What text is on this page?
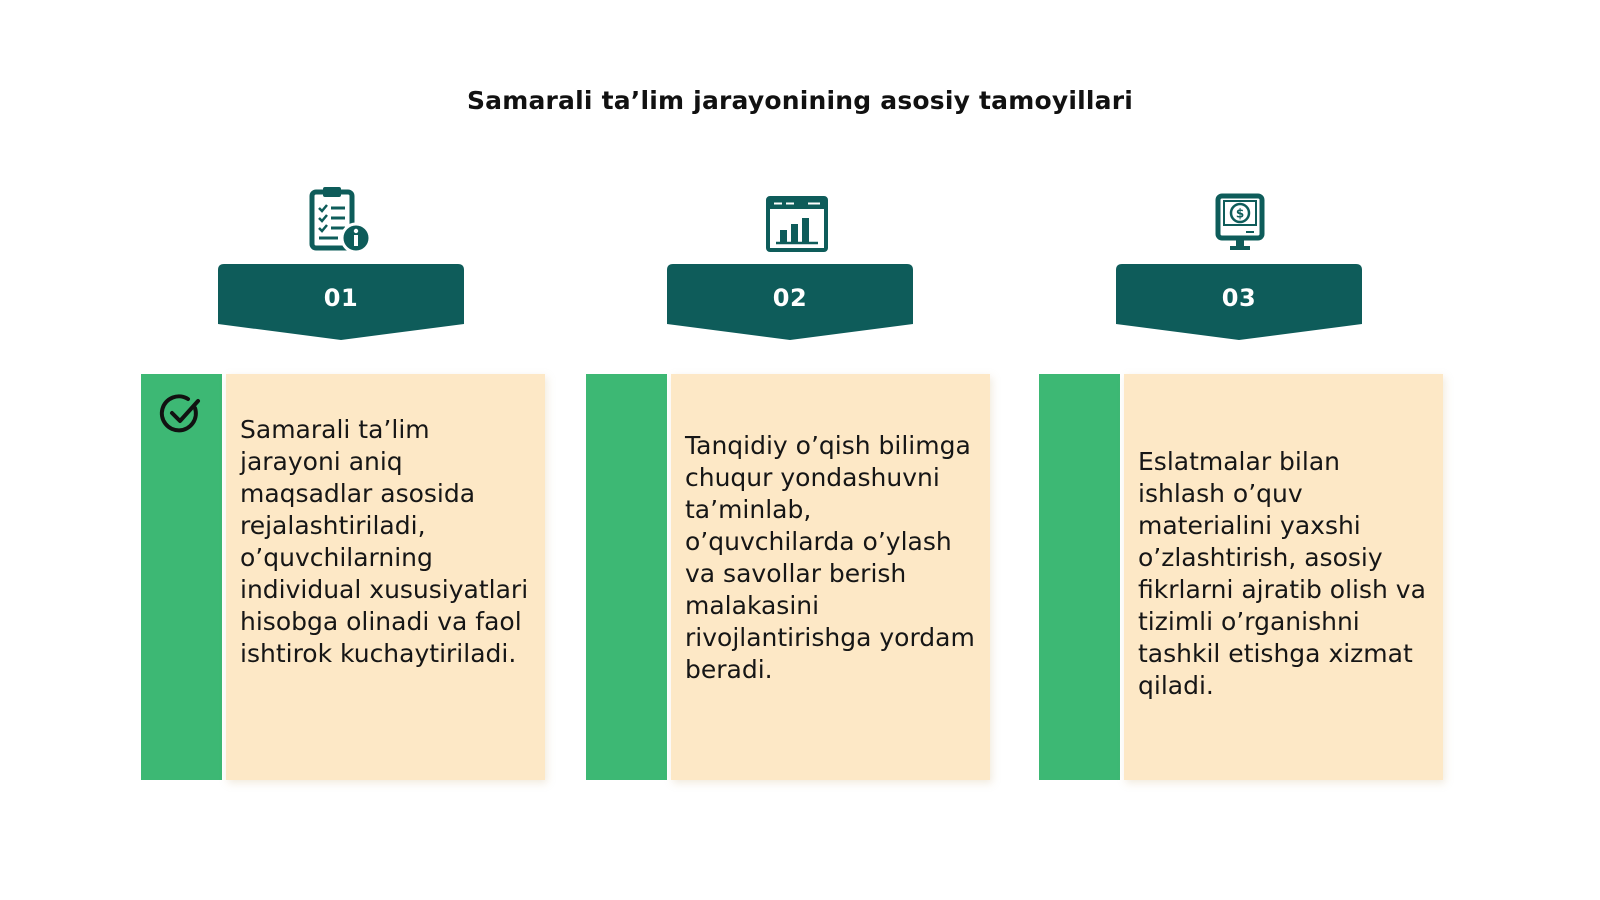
Samarali ta’lim jarayonining asosiy tamoyillari
01
Samarali ta’lim jarayoni aniq maqsadlar asosida rejalashtiriladi, o’quvchilarning individual xususiyatlari hisobga olinadi va faol ishtirok kuchaytiriladi.
02
Tanqidiy o’qish bilimga chuqur yondashuvni ta’minlab, o’quvchilarda o’ylash va savollar berish malakasini rivojlantirishga yordam beradi.
$
03
Eslatmalar bilan ishlash o’quv materialini yaxshi o’zlashtirish, asosiy fikrlarni ajratib olish va tizimli o’rganishni tashkil etishga xizmat qiladi.
